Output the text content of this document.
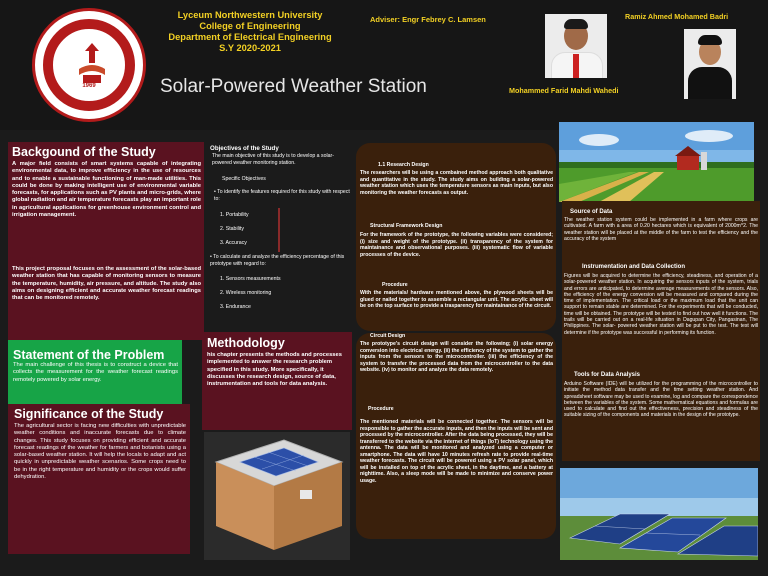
1969
Lyceum Northwestern University
College of Engineering
Department of Electrical Engineering
S.Y 2020-2021
Solar-Powered Weather Station
Adviser: Engr Febrey C. Lamsen	Ramiz Ahmed Mohamed Badri
Mohammed Farid Mahdi Wahedi
Backgound of the Study
A major field consists of smart systems capable of integrating environmental data, to improve efficiency in the use of resources and to enable a sustainable functioning of man-made utilities. This could be done by making intelligent use of environmental variable forecasts, for applications such as PV plants and micro-grids, where global radiation and air temperature forecasts play an important role in agricultural applications for greenhouse environment control and irrigation management.
This project proposal focuses on the assessment of the solar-based weather station that has capable of monitoring sensors to measure the temperature, humidity, air pressure, and altitude. The study also aims on designing efficient and accurate weather forecast readings that can be monitored remotely.
Statement of the Problem
The main challenge of this thesis is to construct a device that collects the measurement for the weather forecast readings remotely powered by solar energy.
Significance of the Study
The agricultural sector is facing new difficulties with unpredictable weather conditions and inaccurate forecasts due to climate changes. This study focuses on providing efficient and accurate forecast readings of the weather for farmers and botanists using a solar-based weather station. It will help the locals to adapt and act quickly in unpredictable weather scenarios. Some crops need to be in the right temperature and humidity or the crops would suffer dehydration.
Objectives of the Study
The main objective of this study is to develop a solar-powered weather monitoring station.
Specific Objectives
• To identify the features required for this study with respect to:
1. Portability
2. Stability
3. Accuracy
• To calculate and analyze the efficiency percentage of this prototype with regard to:
1. Sensors measurements
2. Wireless monitoring
3. Endurance
Methodology
his chapter presents the methods and processes implemented to answer the research problem specified in this study. More specifically, it discusses the research design, source of data, instrumentation and tools for data analysis.
1.1 Research Design
The researchers will be using a combained method approach both qualitative and quantitative in the study. The study aims on building a solar-powered weather station which uses the temperature sensors as main inputs, but also monitoring the weather forecasts as output.
Structural Framework Design
For the framework of the prototype, the following variables were considered; (i) size and weight of the prototype. (ii) transparency of the system for maintainance and observational purposes. (iii) systematic flow of variable processes of the device.
Procedure
With the materials/ hardware mentioned above, the plywood sheets will be glued or nailed together to assemble a rectangular unit. The acrylic sheet will be on the top surface to provide a trasparency for maintainance of the circuit.
Circuit Design
The prototype's circuit design will consider the following; (i) solar energy conversion into electrical energy. (ii) the efficiency of the system to gather the inputs from the sensors to the microcontroller. (iii) the efficiency of the system to transfer the processed data from the microcontroller to the data website. (iv) to monitor and analyze the data remotely.
Procedure
The mentioned materials will be connected together. The sensors will be responsible to gather the accurate inputs, and then the inputs will be sent and processed by the microcontroller. After the data being processed, they will be transferred to the website via the internet of things (IoT) technology using the antenna. The data will be monitored and analyzed using a computer or smartphone. The data will have 10 minutes refresh rate to provide real-time weather forecasts. The circuit will be powered using a PV solar panel, which will be installed on top of the acrylic sheet, in the daytime, and a battery at nighttime. Also, a sleep mode will be made to minimize and conserve power usage.
Source of Data
The weather station system could be implemented in a farm where crops are cultivated. A farm with a area of 0.20 hectares which is equivalent of 2000m^2. The weather station will be placed at the middle of the farm to test the efficiency and the accuracy of the system
Instrumentation and Data Collection
Figures will be acquired to determine the efficiency, steadiness, and operation of a solar-powered weather station. In acquiring the sensors inputs of the system, trials and errors are anticipated, to determine average measurements of the sensors. Also, the efficiency of the energy conversion will be measured and compared during the time of implementation. The critical load or the maximum load that the unit can support to remain stable are determined. For the experiments that will be conducted, time will be obtained. The prototype will be tested to find out how well it functions. The trails will be carried out on a real-life situation in Dagupan City, Pangasinan, The Philippines. The solar- powered weather station will be put to the test. The test will determine if the prototype was successful in performing its function.
Tools for Data Analysis
Arduino Software (IDE) will be utilized for the programming of the microcontroller to initiate the method data transfer and the time setting weather station. And spreadsheet software may be used to examine, log and compare the correspondence between the variables of the system. Some mathematical equations and formulas are used to calculate and find out the effectiveness, precision and steadiness of the suitable sizing of the components and materials in the design of the prototype.
